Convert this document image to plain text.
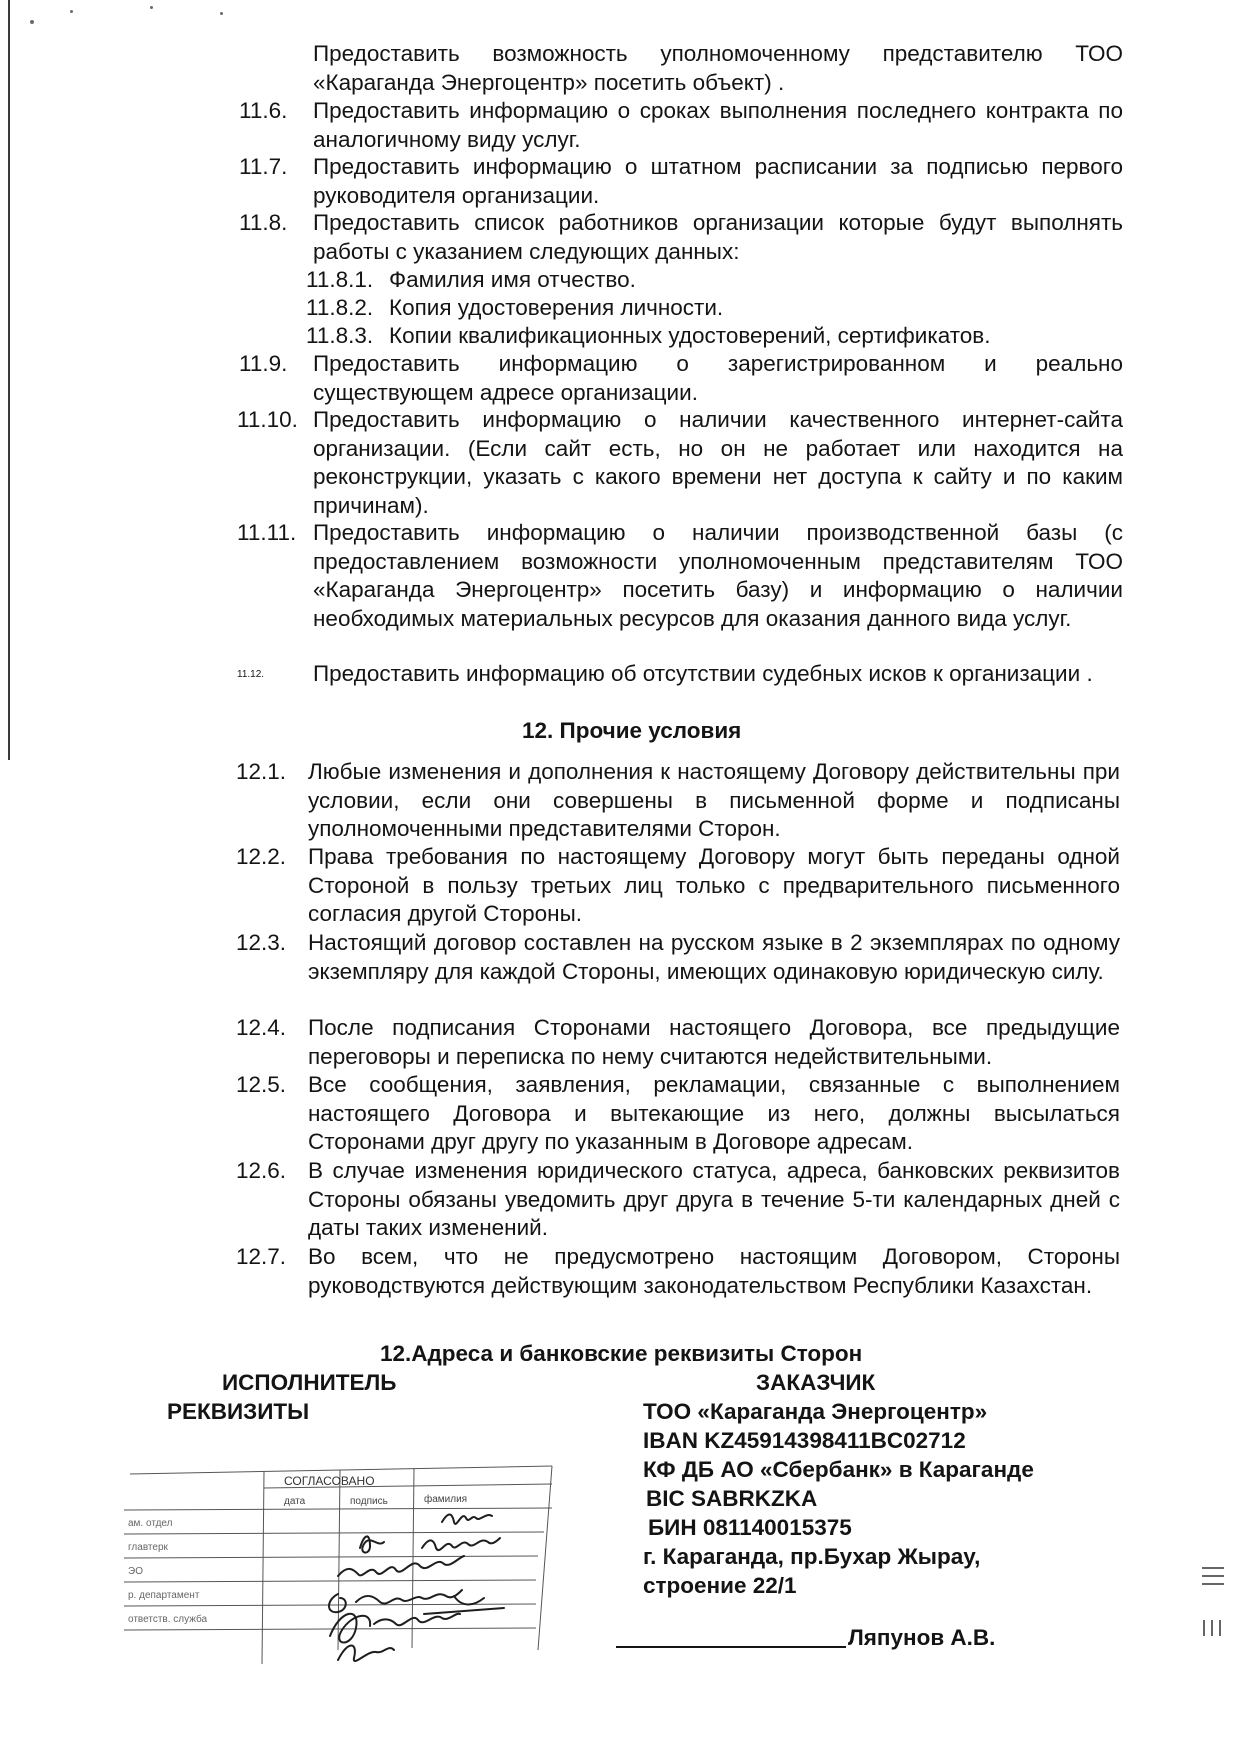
Предоставить возможность уполномоченному представителю ТОО «Караганда Энергоцентр» посетить объект) .
11.6. Предоставить информацию о сроках выполнения последнего контракта по аналогичному виду услуг.
11.7. Предоставить информацию о штатном расписании за подписью первого руководителя организации.
11.8. Предоставить список работников организации которые будут выполнять работы с указанием следующих данных:
11.8.1. Фамилия имя отчество.
11.8.2. Копия удостоверения личности.
11.8.3. Копии квалификационных удостоверений, сертификатов.
11.9. Предоставить информацию о зарегистрированном и реально существующем адресе организации.
11.10. Предоставить информацию о наличии качественного интернет-сайта организации. (Если сайт есть, но он не работает или находится на реконструкции, указать с какого времени нет доступа к сайту и по каким причинам).
11.11. Предоставить информацию о наличии производственной базы (с предоставлением возможности уполномоченным представителям ТОО «Караганда Энергоцентр» посетить базу) и информацию о наличии необходимых материальных ресурсов для оказания данного вида услуг.
11.12. Предоставить информацию об отсутствии судебных исков к организации .
12. Прочие условия
12.1. Любые изменения и дополнения к настоящему Договору действительны при условии, если они совершены в письменной форме и подписаны уполномоченными представителями Сторон.
12.2. Права требования по настоящему Договору могут быть переданы одной Стороной в пользу третьих лиц только с предварительного письменного согласия другой Стороны.
12.3. Настоящий договор составлен на русском языке в 2 экземплярах по одному экземпляру для каждой Стороны, имеющих одинаковую юридическую силу.
12.4. После подписания Сторонами настоящего Договора, все предыдущие переговоры и переписка по нему считаются недействительными.
12.5. Все сообщения, заявления, рекламации, связанные с выполнением настоящего Договора и вытекающие из него, должны высылаться Сторонами друг другу по указанным в Договоре адресам.
12.6. В случае изменения юридического статуса, адреса, банковских реквизитов Стороны обязаны уведомить друг друга в течение 5-ти календарных дней с даты таких изменений.
12.7. Во всем, что не предусмотрено настоящим Договором, Стороны руководствуются действующим законодательством Республики Казахстан.
12.Адреса и банковские реквизиты Сторон
ИСПОЛНИТЕЛЬ
РЕКВИЗИТЫ
ЗАКАЗЧИК
ТОО «Караганда Энергоцентр»
IBAN KZ45914398411BC02712
КФ ДБ АО «Сбербанк» в Караганде
BIC SABRKZKA
БИН 081140015375
г. Караганда, пр.Бухар Жырау,
строение 22/1
Ляпунов А.В.
СОГЛАСОВАНО
дата	подпись	фамилия
ам. отдел
главтерк
ЭО
р. департамент
ответств. служба
